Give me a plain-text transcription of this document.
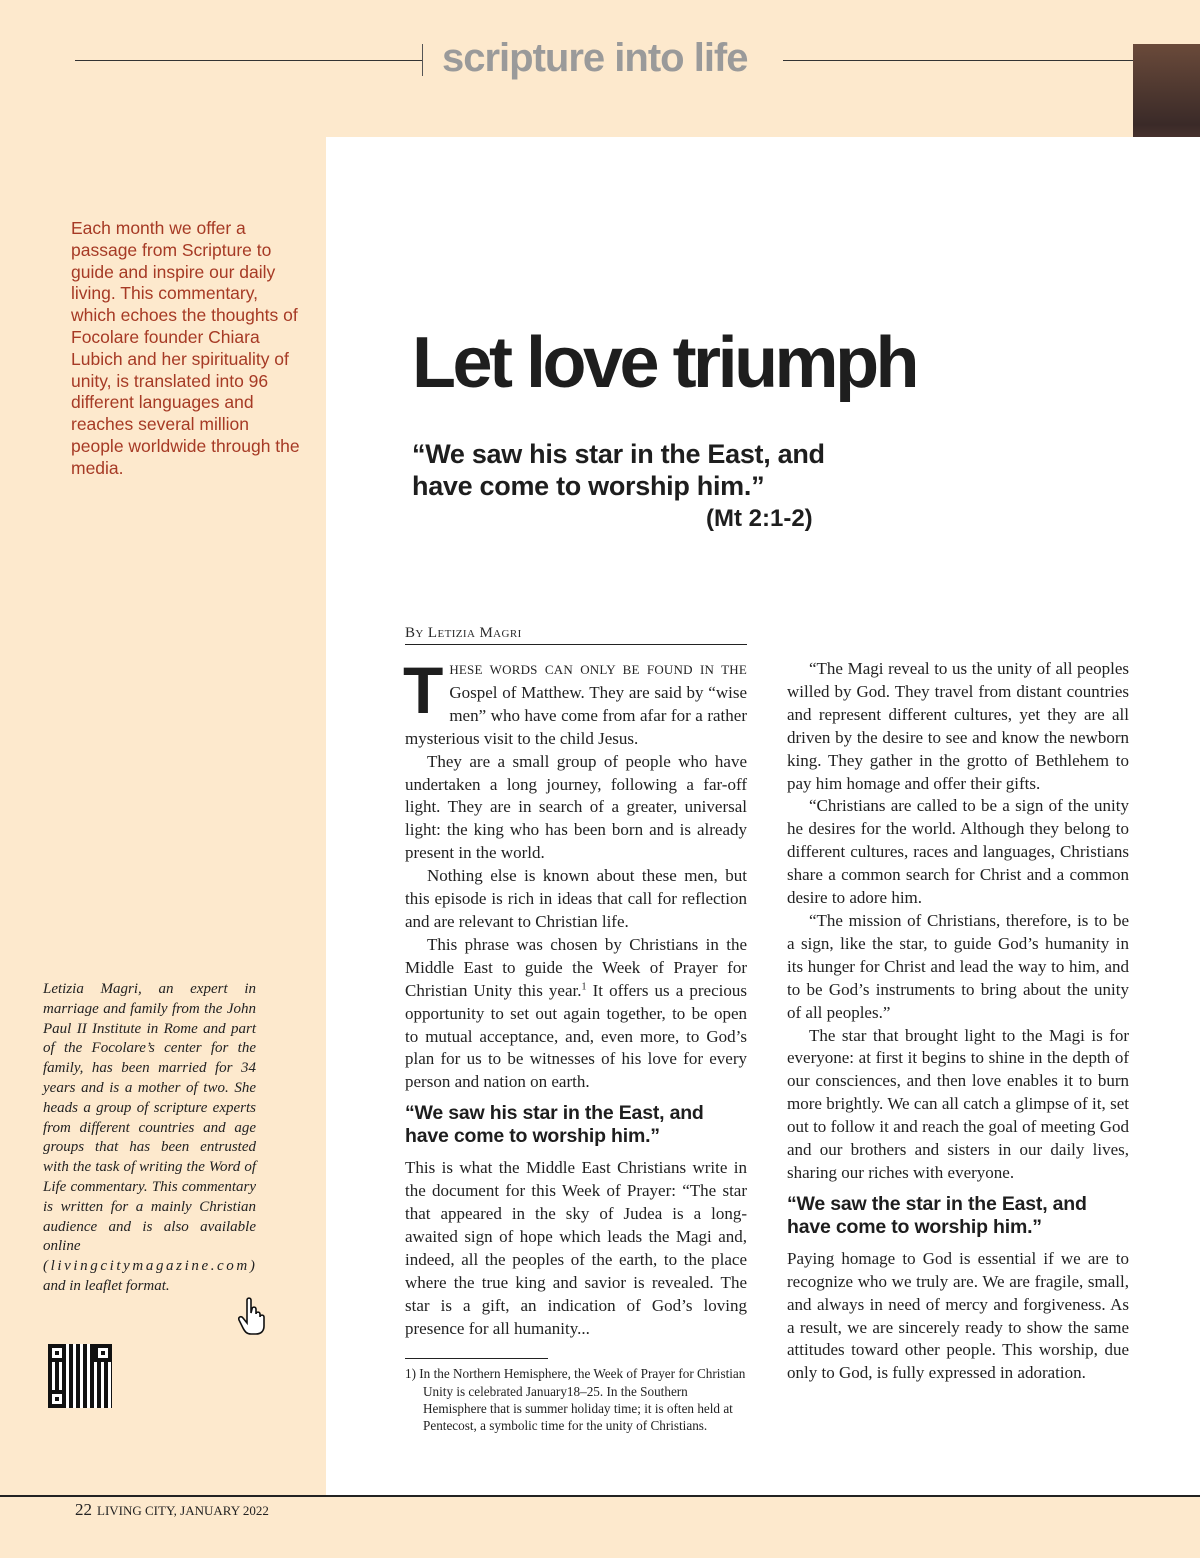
scripture into life
Each month we offer a passage from Scripture to guide and inspire our daily living. This commentary, which echoes the thoughts of Focolare founder Chiara Lubich and her spirituality of unity, is translated into 96 different languages and reaches several million people worldwide through the media.
Letizia Magri, an expert in marriage and family from the John Paul II Institute in Rome and part of the Focolare’s center for the family, has been married for 34 years and is a mother of two. She heads a group of scripture experts from different countries and age groups that has been entrusted with the task of writing the Word of Life commentary. This commentary is written for a mainly Christian audience and is also available online (livingcitymagazine.com) and in leaflet format.
Let love triumph
“We saw his star in the East, and have come to worship him.”
(Mt 2:1-2)
By Letizia Magri

THESE WORDS CAN ONLY BE FOUND IN THE Gospel of Matthew. They are said by “wise men” who have come from afar for a rather mysterious visit to the child Jesus.

They are a small group of people who have undertaken a long journey, following a far-off light. They are in search of a greater, universal light: the king who has been born and is already present in the world.

Nothing else is known about these men, but this episode is rich in ideas that call for reflection and are relevant to Christian life.

This phrase was chosen by Christians in the Middle East to guide the Week of Prayer for Christian Unity this year.$^1$ It offers us a precious opportunity to set out again together, to be open to mutual acceptance, and, even more, to God’s plan for us to be witnesses of his love for every person and nation on earth.

“We saw his star in the East, and have come to worship him.”

This is what the Middle East Christians write in the document for this Week of Prayer: “The star that appeared in the sky of Judea is a long-awaited sign of hope which leads the Magi and, indeed, all the peoples of the earth, to the place where the true king and savior is revealed. The star is a gift, an indication of God’s loving presence for all humanity...

1) In the Northern Hemisphere, the Week of Prayer for Christian Unity is celebrated January18–25. In the Southern Hemisphere that is summer holiday time; it is often held at Pentecost, a symbolic time for the unity of Christians.

“The Magi reveal to us the unity of all peoples willed by God. They travel from distant countries and represent different cultures, yet they are all driven by the desire to see and know the newborn king. They gather in the grotto of Bethlehem to pay him homage and offer their gifts.

“Christians are called to be a sign of the unity he desires for the world. Although they belong to different cultures, races and languages, Christians share a common search for Christ and a common desire to adore him.

“The mission of Christians, therefore, is to be a sign, like the star, to guide God’s humanity in its hunger for Christ and lead the way to him, and to be God’s instruments to bring about the unity of all peoples.”

The star that brought light to the Magi is for everyone: at first it begins to shine in the depth of our consciences, and then love enables it to burn more brightly. We can all catch a glimpse of it, set out to follow it and reach the goal of meeting God and our brothers and sisters in our daily lives, sharing our riches with everyone.

“We saw the star in the East, and have come to worship him.”

Paying homage to God is essential if we are to recognize who we truly are. We are fragile, small, and always in need of mercy and forgiveness. As a result, we are sincerely ready to show the same attitudes toward other people. This worship, due only to God, is fully expressed in adoration.

22 LIVING CITY, JANUARY 2022
